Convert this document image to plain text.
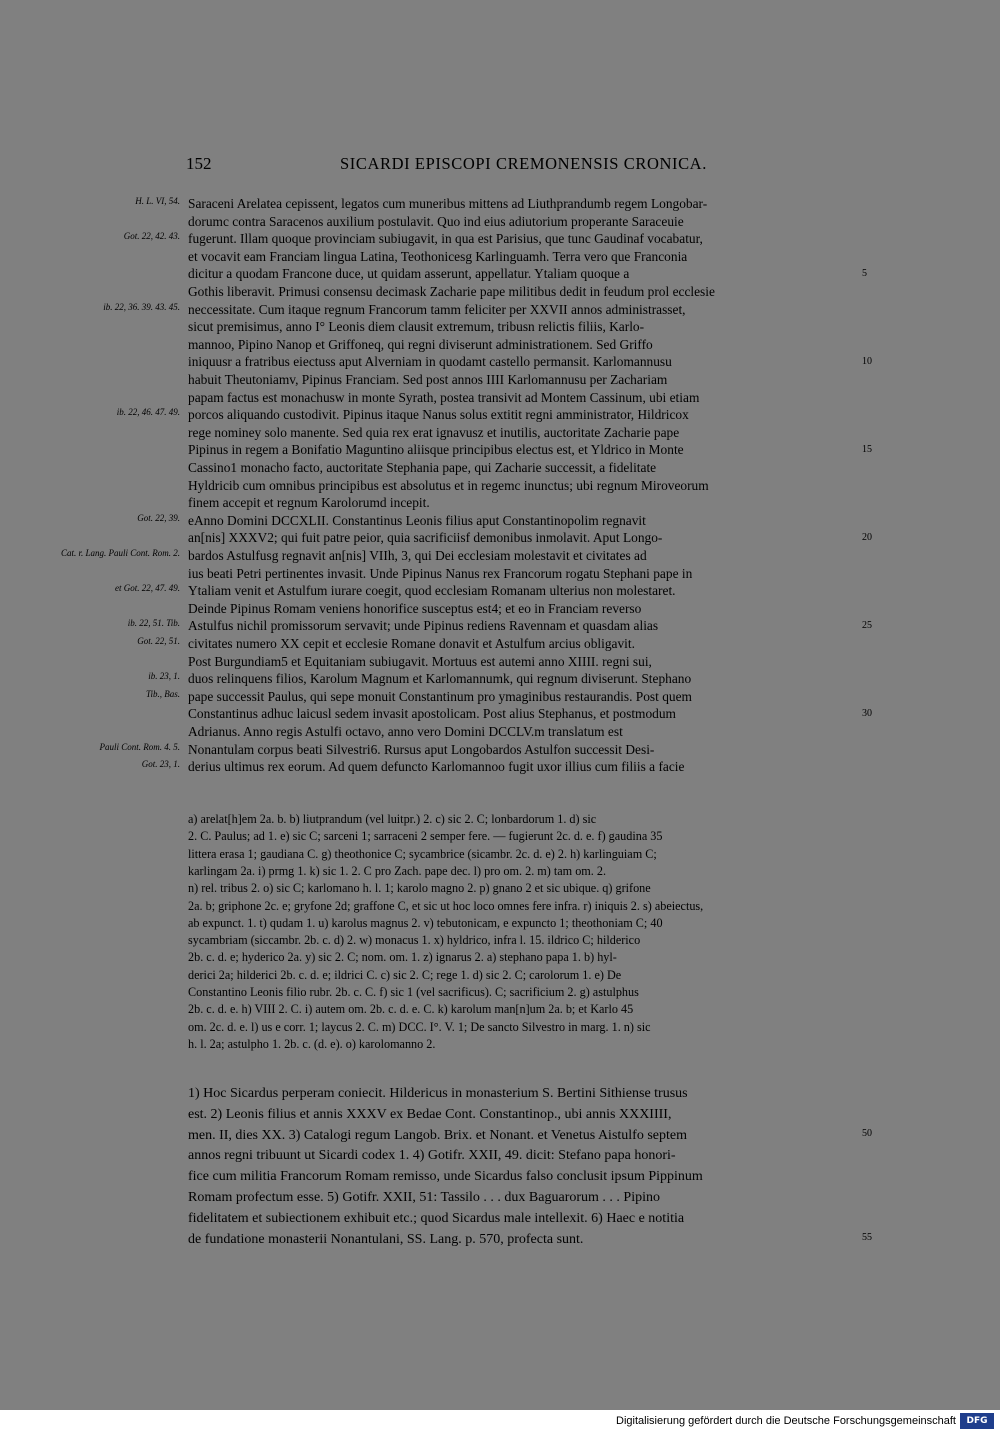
152	SICARDI EPISCOPI CREMONENSIS CRONICA.
H. L. VI, 54. Saraceni Arelatea cepissent, legatos cum muneribus mittens ad Liuthprandumb regem Longobar-
dorumc contra Saracenos auxilium postulavit. Quo ind eius adiutorium properante Saraceuie
Got. 22, 42. 43. fugerunt. Illam quoque provinciam subiugavit, in qua est Parisius, que tunc Gaudinaf vocabatur,
et vocavit eam Franciam lingua Latina, Teothonicesg Karlinguamh. Terra vero que Franconia
dicitur a quodam Francone duce, ut quidam asserunt, appellatur. Ytaliam quoque a	5
Gothis liberavit. Primusi consensu decimask Zacharie pape militibus dedit in feudum prol ecclesie
ib. 22, 36. 39. 43. 45. neccessitate. Cum itaque regnum Francorum tamm feliciter per XXVII annos administrasset,
sicut premisimus, anno I° Leonis diem clausit extremum, tribusn relictis filiis, Karlo-
mannoo, Pipino Nanop et Griffoneq, qui regni diviserunt administrationem. Sed Griffo
iniquusr a fratribus eiectuss aput Alverniam in quodamt castello permansit. Karlomannusu	10
habuit Theutoniamv, Pipinus Franciam. Sed post annos IIII Karlomannusu per Zachariam
papam factus est monachusw in monte Syrath, postea transivit ad Montem Cassinum, ubi etiam
ib. 22, 46. 47. 49. porcos aliquando custodivit. Pipinus itaque Nanus solus extitit regni amministrator, Hildricox
rege nominey solo manente. Sed quia rex erat ignavusz et inutilis, auctoritate Zacharie pape
Pipinus in regem a Bonifatio Maguntino aliisque principibus electus est, et Yldrico in Monte	15
Cassino1 monacho facto, auctoritate Stephania pape, qui Zacharie successit, a fidelitate
Hyldricib cum omnibus principibus est absolutus et in regemc inunctus; ubi regnum Miroveorum
finem accepit et regnum Karolorumd incepit.
Got. 22, 39. eAnno Domini DCCXLII. Constantinus Leonis filius aput Constantinopolim regnavit
an[nis] XXXV2; qui fuit patre peior, quia sacrificiisf demonibus inmolavit. Aput Longo-	20
Cat. r. Lang. Pauli Cont. Rom. 2. bardos Astulfusg regnavit an[nis] VIIh, 3, qui Dei ecclesiam molestavit et civitates ad
ius beati Petri pertinentes invasit. Unde Pipinus Nanus rex Francorum rogatu Stephani pape in
et Got. 22, 47. 49. Ytaliam venit et Astulfum iurare coegit, quod ecclesiam Romanam ulterius non molestaret.
Deinde Pipinus Romam veniens honorifice susceptus est4; et eo in Franciam reverso
ib. 22, 51. Tib. Astulfus nichil promissorum servavit; unde Pipinus rediens Ravennam et quasdam alias	25
Got. 22, 51. civitates numero XX cepit et ecclesie Romane donavit et Astulfum arcius obligavit.
Post Burgundiam5 et Equitaniam subiugavit. Mortuus est autemi anno XIIII. regni sui,
ib. 23, 1. duos relinquens filios, Karolum Magnum et Karlomannumk, qui regnum diviserunt. Stephano
Tib., Bas. pape successit Paulus, qui sepe monuit Constantinum pro ymaginibus restaurandis. Post quem
Constantinus adhuc laicusl sedem invasit apostolicam. Post alius Stephanus, et postmodum	30
Adrianus. Anno regis Astulfi octavo, anno vero Domini DCCLV.m translatum est
Pauli Cont. Rom. 4. 5. Nonantulam corpus beati Silvestri6. Rursus aput Longobardos Astulfon successit Desi-
Got. 23, 1. derius ultimus rex eorum. Ad quem defuncto Karlomannoo fugit uxor illius cum filiis a facie
a) arelat[h]em 2a. b. b) liutprandum (vel luitpr.) 2. c) sic 2. C; lonbardorum 1. d) sic
2. C. Paulus; ad 1. e) sic C; sarceni 1; sarraceni 2 semper fere. — fugierunt 2c. d. e. f) gaudina 35
littera erasa 1; gaudiana C. g) theothonice C; sycambrice (sicambr. 2c. d. e) 2. h) karlinguiam C;
karlingam 2a. i) prmg 1. k) sic 1. 2. C pro Zach. pape dec. l) pro om. 2. m) tam om. 2.
n) rel. tribus 2. o) sic C; karlomano h. l. 1; karolo magno 2. p) gnano 2 et sic ubique. q) grifone
2a. b; griphone 2c. e; gryfone 2d; graffone C, et sic ut hoc loco omnes fere infra. r) iniquis 2. s) abeiectus,
ab expunct. 1. t) qudam 1. u) karolus magnus 2. v) tebutonicam, e expuncto 1; theothoniam C; 40
sycambriam (siccambr. 2b. c. d) 2. w) monacus 1. x) hyldrico, infra l. 15. ildrico C; hilderico
2b. c. d. e; hyderico 2a. y) sic 2. C; nom. om. 1. z) ignarus 2. a) stephano papa 1. b) hyl-
derici 2a; hilderici 2b. c. d. e; ildrici C. c) sic 2. C; rege 1. d) sic 2. C; carolorum 1. e) De
Constantino Leonis filio rubr. 2b. c. C. f) sic 1 (vel sacrificus). C; sacrificium 2. g) astulphus
2b. c. d. e. h) VIII 2. C. i) autem om. 2b. c. d. e. C. k) karolum man[n]um 2a. b; et Karlo 45
om. 2c. d. e. l) us e corr. 1; laycus 2. C. m) DCC. I°. V. 1; De sancto Silvestro in marg. 1. n) sic
h. l. 2a; astulpho 1. 2b. c. (d. e). o) karolomanno 2.
1) Hoc Sicardus perperam coniecit. Hildericus in monasterium S. Bertini Sithiense trusus
est. 2) Leonis filius et annis XXXV ex Bedae Cont. Constantinop., ubi annis XXXIIII,
men. II, dies XX. 3) Catalogi regum Langob. Brix. et Nonant. et Venetus Aistulfo septem	50
annos regni tribuunt ut Sicardi codex 1. 4) Gotifr. XXII, 49. dicit: Stefano papa honori-
fice cum militia Francorum Romam remisso, unde Sicardus falso conclusit ipsum Pippinum
Romam profectum esse. 5) Gotifr. XXII, 51: Tassilo . . . dux Baguarorum . . . Pipino
fidelitatem et subiectionem exhibuit etc.; quod Sicardus male intellexit. 6) Haec e notitia
de fundatione monasterii Nonantulani, SS. Lang. p. 570, profecta sunt.	55
Digitalisierung gefördert durch die Deutsche Forschungsgemeinschaft	DFG
